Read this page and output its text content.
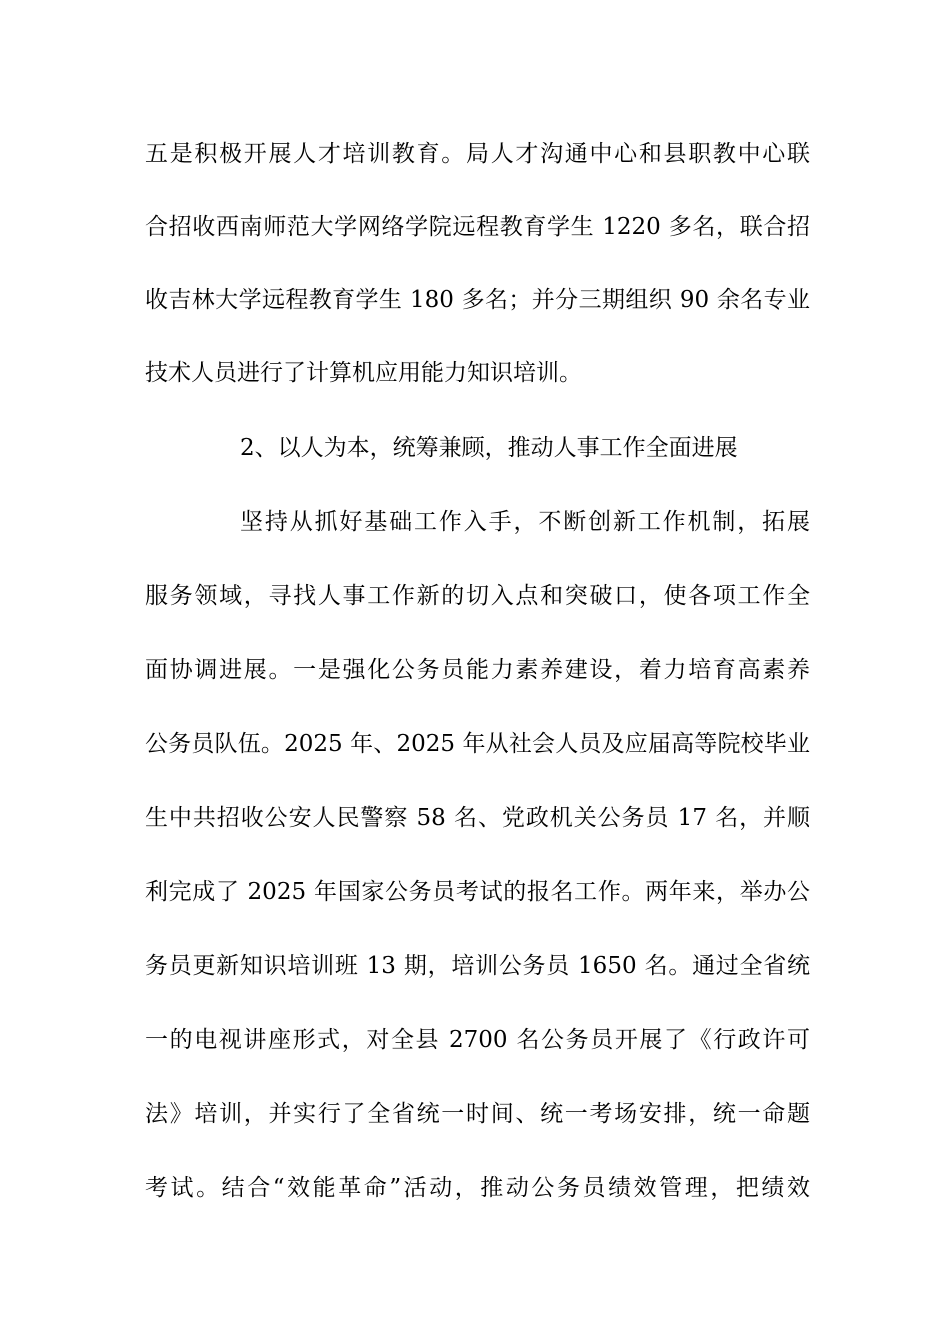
五是积极开展人才培训教育。局人才沟通中心和县职教中心联
合招收西南师范大学网络学院远程教育学生 1220 多名，联合招
收吉林大学远程教育学生 180 多名；并分三期组织 90 余名专业
技术人员进行了计算机应用能力知识培训。
2、以人为本，统筹兼顾，推动人事工作全面进展
坚持从抓好基础工作入手，不断创新工作机制，拓展
服务领域，寻找人事工作新的切入点和突破口，使各项工作全
面协调进展。一是强化公务员能力素养建设，着力培育高素养
公务员队伍。2025 年、2025 年从社会人员及应届高等院校毕业
生中共招收公安人民警察 58 名、党政机关公务员 17 名，并顺
利完成了 2025 年国家公务员考试的报名工作。两年来，举办公
务员更新知识培训班 13 期，培训公务员 1650 名。通过全省统
一的电视讲座形式，对全县 2700 名公务员开展了《行政许可
法》培训，并实行了全省统一时间、统一考场安排，统一命题
考试。结合“效能革命”活动，推动公务员绩效管理，把绩效
